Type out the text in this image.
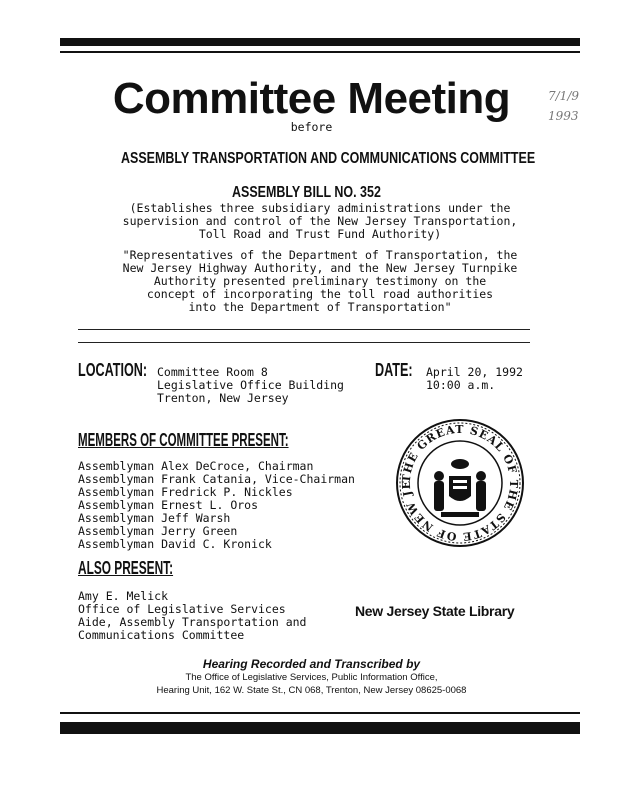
7/1/9
1993
Committee Meeting
before
ASSEMBLY TRANSPORTATION AND COMMUNICATIONS COMMITTEE
ASSEMBLY BILL NO. 352
(Establishes three subsidiary administrations under the
supervision and control of the New Jersey Transportation,
Toll Road and Trust Fund Authority)
"Representatives of the Department of Transportation, the
New Jersey Highway Authority, and the New Jersey Turnpike
Authority presented preliminary testimony on the
concept of incorporating the toll road authorities
into the Department of Transportation"
LOCATION: Committee Room 8
Legislative Office Building
Trenton, New Jersey
DATE: April 20, 1992
10:00 a.m.
MEMBERS OF COMMITTEE PRESENT:
Assemblyman Alex DeCroce, Chairman
Assemblyman Frank Catania, Vice-Chairman
Assemblyman Fredrick P. Nickles
Assemblyman Ernest L. Oros
Assemblyman Jeff Warsh
Assemblyman Jerry Green
Assemblyman David C. Kronick
THE GREAT SEAL OF THE STATE OF NEW JE
ALSO PRESENT:
Amy E. Melick
Office of Legislative Services
Aide, Assembly Transportation and
Communications Committee
New Jersey State Library
Hearing Recorded and Transcribed by
The Office of Legislative Services, Public Information Office,
Hearing Unit, 162 W. State St., CN 068, Trenton, New Jersey 08625-0068
